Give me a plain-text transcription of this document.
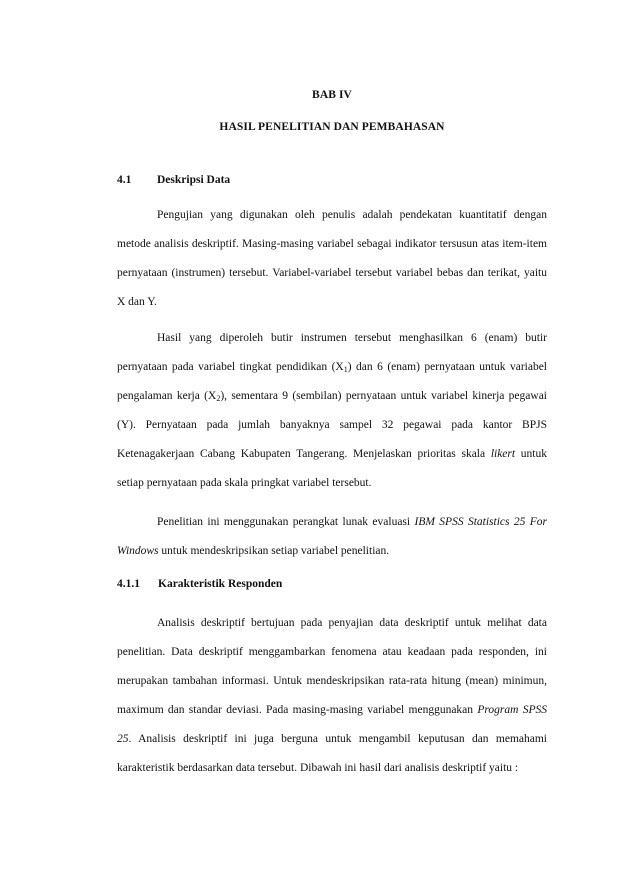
BAB IV
HASIL PENELITIAN DAN PEMBAHASAN
4.1 Deskripsi Data

Pengujian yang digunakan oleh penulis adalah pendekatan kuantitatif dengan metode analisis deskriptif. Masing-masing variabel sebagai indikator tersusun atas item-item pernyataan (instrumen) tersebut. Variabel-variabel tersebut variabel bebas dan terikat, yaitu X dan Y.

Hasil yang diperoleh butir instrumen tersebut menghasilkan 6 (enam) butir pernyataan pada variabel tingkat pendidikan $(X_1)$ dan 6 (enam) pernyataan untuk variabel pengalaman kerja $(X_2)$, sementara 9 (sembilan) pernyataan untuk variabel kinerja pegawai (Y). Pernyataan pada jumlah banyaknya sampel 32 pegawai pada kantor BPJS Ketenagakerjaan Cabang Kabupaten Tangerang. Menjelaskan prioritas skala likert untuk setiap pernyataan pada skala pringkat variabel tersebut.

Penelitian ini menggunakan perangkat lunak evaluasi IBM SPSS Statistics 25 For Windows untuk mendeskripsikan setiap variabel penelitian.

4.1.1 Karakteristik Responden

Analisis deskriptif bertujuan pada penyajian data deskriptif untuk melihat data penelitian. Data deskriptif menggambarkan fenomena atau keadaan pada responden, ini merupakan tambahan informasi. Untuk mendeskripsikan rata-rata hitung (mean) minimun, maximum dan standar deviasi. Pada masing-masing variabel menggunakan Program SPSS 25. Analisis deskriptif ini juga berguna untuk mengambil keputusan dan memahami karakteristik berdasarkan data tersebut. Dibawah ini hasil dari analisis deskriptif yaitu :
